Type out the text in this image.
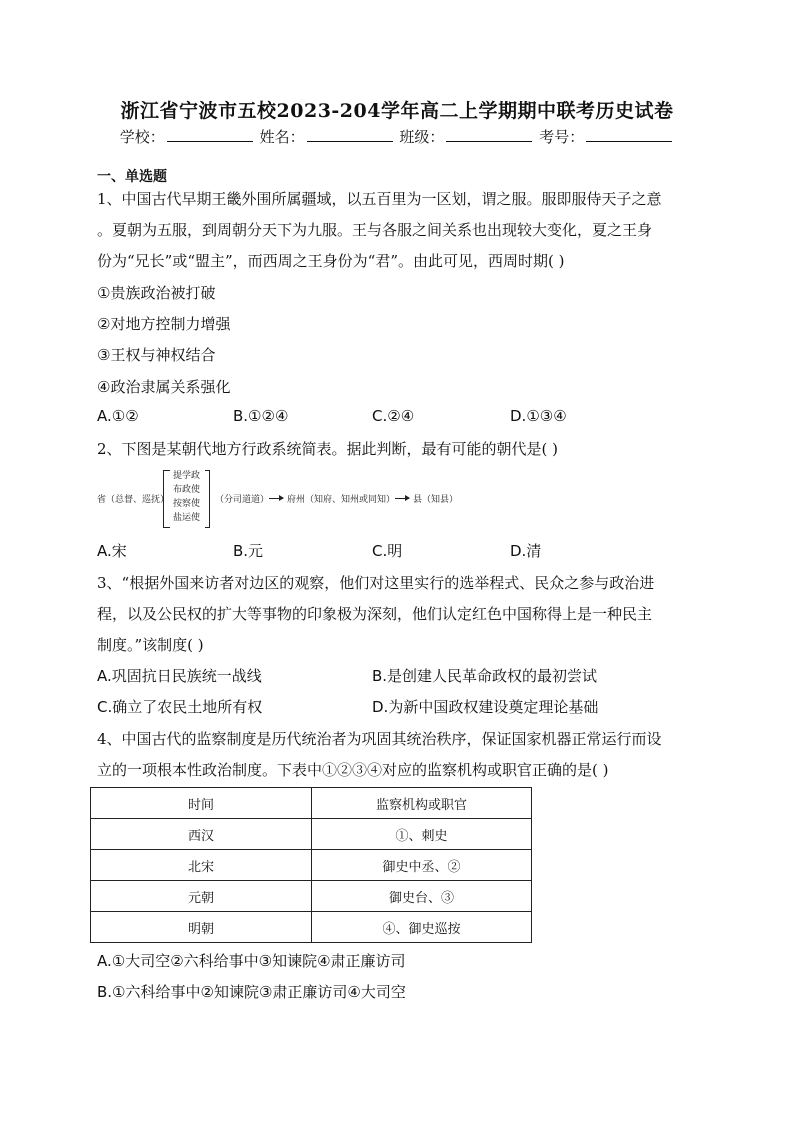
浙江省宁波市五校2023-204学年高二上学期期中联考历史试卷
学校：	姓名：	班级：	考号：
一、单选题
1、中国古代早期王畿外围所属疆域，以五百里为一区划，谓之服。服即服侍天子之意
。夏朝为五服，到周朝分天下为九服。王与各服之间关系也出现较大变化，夏之王身
份为“兄长”或“盟主”，而西周之王身份为“君”。由此可见，西周时期( )
①贵族政治被打破
②对地方控制力增强
③王权与神权结合
④政治隶属关系强化
A.①②	B.①②④	C.②④	D.①③④
2、下图是某朝代地方行政系统简表。据此判断，最有可能的朝代是( )
省（总督、巡抚）
提学政
布政使
按察使
盐运使
（分司道道） 府州（知府、知州或同知） 县（知县）
A.宋	B.元	C.明	D.清
3、“根据外国来访者对边区的观察，他们对这里实行的选举程式、民众之参与政治进
程，以及公民权的扩大等事物的印象极为深刻，他们认定红色中国称得上是一种民主
制度。”该制度( )
A.巩固抗日民族统一战线	B.是创建人民革命政权的最初尝试
C.确立了农民土地所有权	D.为新中国政权建设奠定理论基础
4、中国古代的监察制度是历代统治者为巩固其统治秩序，保证国家机器正常运行而设
立的一项根本性政治制度。下表中①②③④对应的监察机构或职官正确的是( )
时间	监察机构或职官
西汉	①、刺史
北宋	御史中丞、②
元朝	御史台、③
明朝	④、御史巡按
A.①大司空②六科给事中③知谏院④肃正廉访司
B.①六科给事中②知谏院③肃正廉访司④大司空
